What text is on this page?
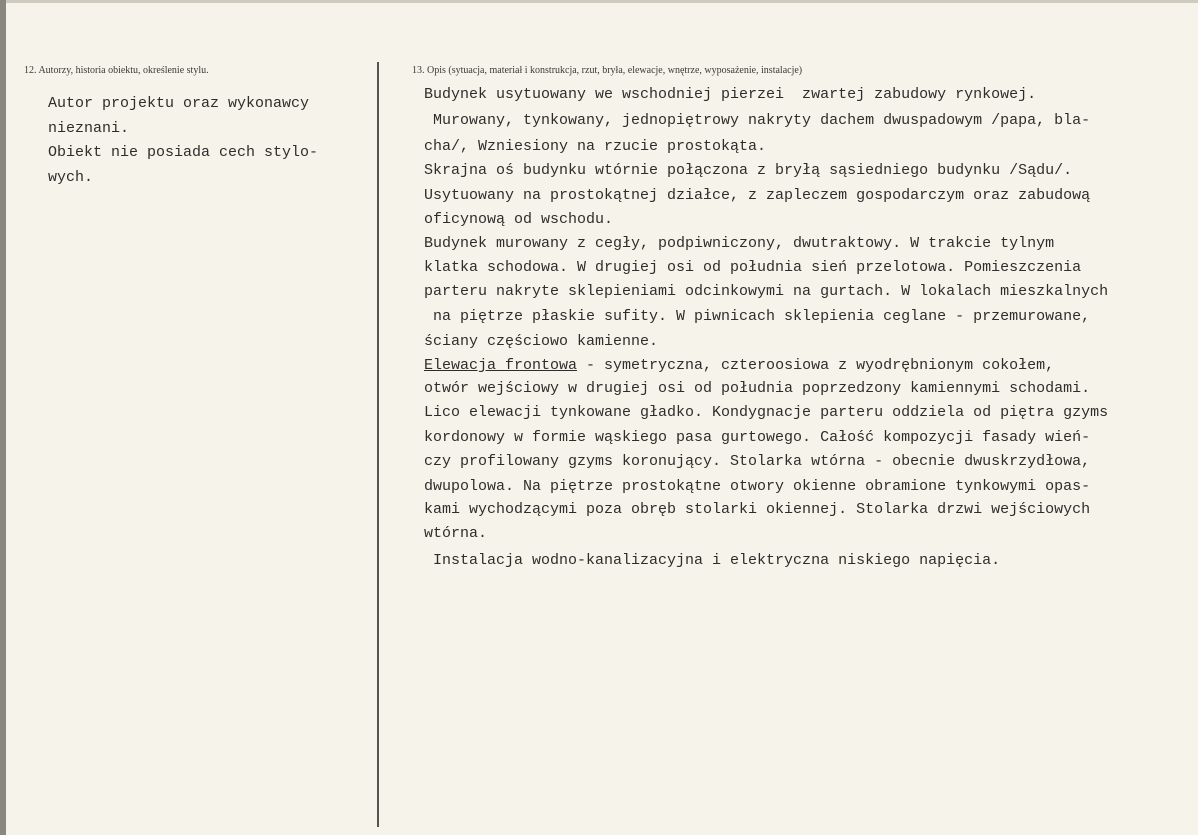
12. Autorzy, historia obiektu, określenie stylu.	13. Opis (sytuacja, materiał i konstrukcja, rzut, bryła, elewacje, wnętrze, wyposażenie, instalacje)
Autor projektu oraz wykonawcy
nieznani.
Obiekt nie posiada cech stylo-
wych.
Budynek usytuowany we wschodniej pierzei  zwartej zabudowy rynkowej.
Murowany, tynkowany, jednopiętrowy nakryty dachem dwuspadowym /papa, bla-
cha/, Wzniesiony na rzucie prostokąta.
Skrajna oś budynku wtórnie połączona z bryłą sąsiedniego budynku /Sądu/.
Usytuowany na prostokątnej działce, z zapleczem gospodarczym oraz zabudową
oficynową od wschodu.
Budynek murowany z cegły, podpiwniczony, dwutraktowy. W trakcie tylnym
klatka schodowa. W drugiej osi od południa sień przelotowa. Pomieszczenia
parteru nakryte sklepieniami odcinkowymi na gurtach. W lokalach mieszkalnych
na piętrze płaskie sufity. W piwnicach sklepienia ceglane - przemurowane,
ściany częściowo kamienne.
Elewacja frontowa - symetryczna, czteroosiowa z wyodrębnionym cokołem,
otwór wejściowy w drugiej osi od południa poprzedzony kamiennymi schodami.
Lico elewacji tynkowane gładko. Kondygnacje parteru oddziela od piętra gzyms
kordonowy w formie wąskiego pasa gurtowego. Całość kompozycji fasady wień-
czy profilowany gzyms koronujący. Stolarka wtórna - obecnie dwuskrzydłowa,
dwupolowa. Na piętrze prostokątne otwory okienne obramione tynkowymi opas-
kami wychodzącymi poza obręb stolarki okiennej. Stolarka drzwi wejściowych
wtórna.
Instalacja wodno-kanalizacyjna i elektryczna niskiego napięcia.
